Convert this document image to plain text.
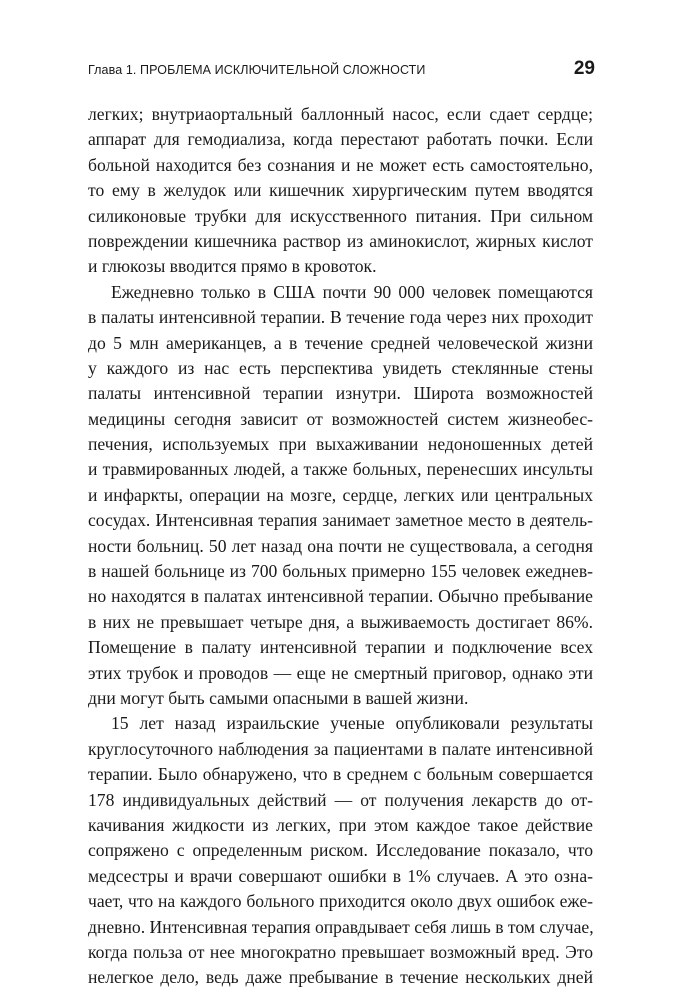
Глава 1. ПРОБЛЕМА ИСКЛЮЧИТЕЛЬНОЙ СЛОЖНОСТИ	29
легких; внутриаортальный баллонный насос, если сдает сердце;
аппарат для гемодиализа, когда перестают работать почки. Если
больной находится без сознания и не может есть самостоятельно,
то ему в желудок или кишечник хирургическим путем вводятся
силиконовые трубки для искусственного питания. При сильном
повреждении кишечника раствор из аминокислот, жирных кислот
и глюкозы вводится прямо в кровоток.
Ежедневно только в США почти 90 000 человек помещаются
в палаты интенсивной терапии. В течение года через них проходит
до 5 млн американцев, а в течение средней человеческой жизни
у каждого из нас есть перспектива увидеть стеклянные стены
палаты интенсивной терапии изнутри. Широта возможностей
медицины сегодня зависит от возможностей систем жизнеобес-
печения, используемых при выхаживании недоношенных детей
и травмированных людей, а также больных, перенесших инсульты
и инфаркты, операции на мозге, сердце, легких или центральных
сосудах. Интенсивная терапия занимает заметное место в деятель-
ности больниц. 50 лет назад она почти не существовала, а сегодня
в нашей больнице из 700 больных примерно 155 человек ежеднев-
но находятся в палатах интенсивной терапии. Обычно пребывание
в них не превышает четыре дня, а выживаемость достигает 86%.
Помещение в палату интенсивной терапии и подключение всех
этих трубок и проводов — еще не смертный приговор, однако эти
дни могут быть самыми опасными в вашей жизни.
15 лет назад израильские ученые опубликовали результаты
круглосуточного наблюдения за пациентами в палате интенсивной
терапии. Было обнаружено, что в среднем с больным совершается
178 индивидуальных действий — от получения лекарств до от-
качивания жидкости из легких, при этом каждое такое действие
сопряжено с определенным риском. Исследование показало, что
медсестры и врачи совершают ошибки в 1% случаев. А это озна-
чает, что на каждого больного приходится около двух ошибок еже-
дневно. Интенсивная терапия оправдывает себя лишь в том случае,
когда польза от нее многократно превышает возможный вред. Это
нелегкое дело, ведь даже пребывание в течение нескольких дней
